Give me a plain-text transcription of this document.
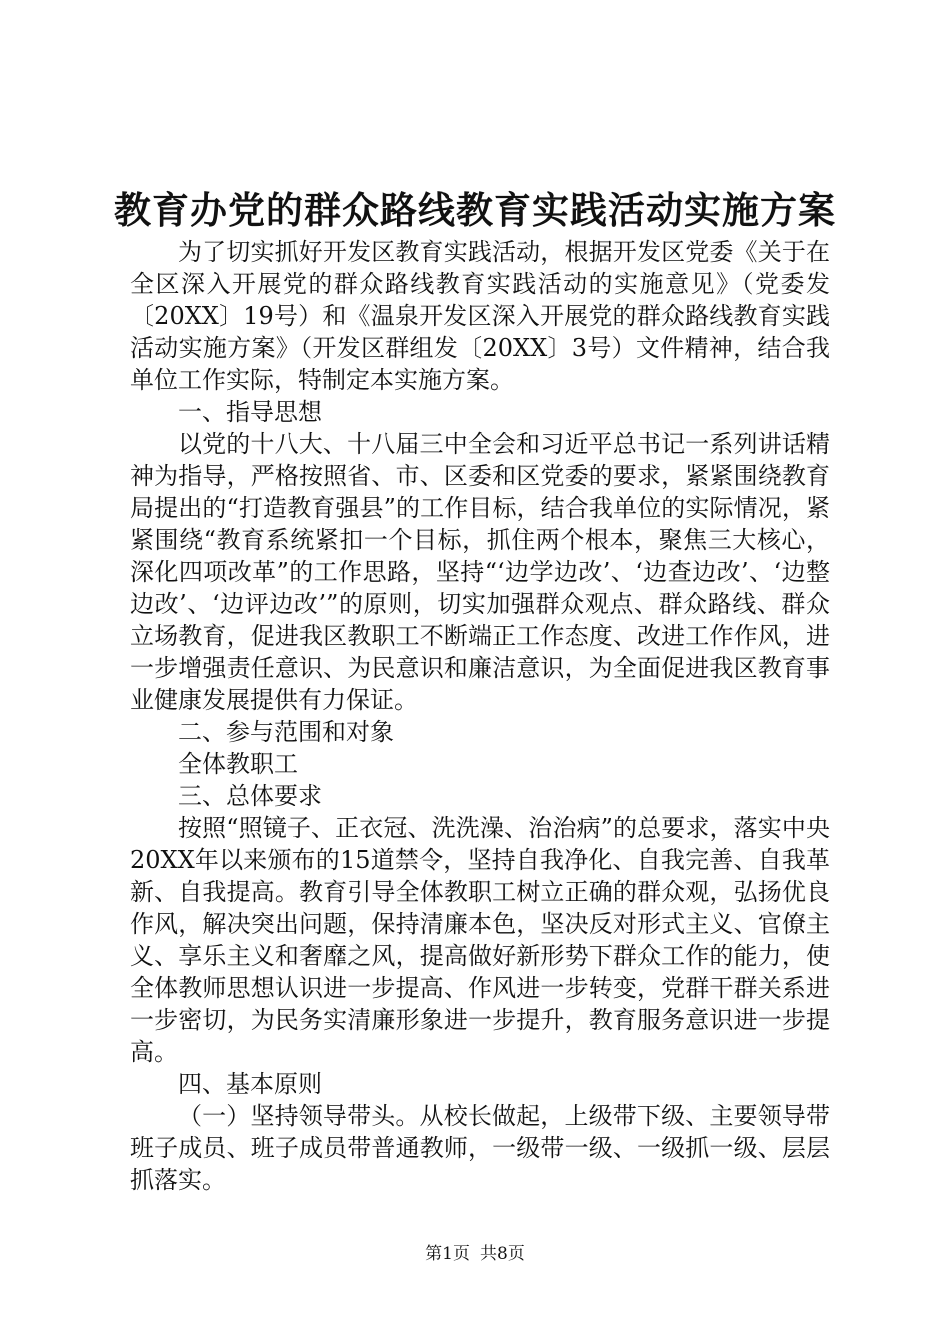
教育办党的群众路线教育实践活动实施方案

为了切实抓好开发区教育实践活动，根据开发区党委《关于在全区深入开展党的群众路线教育实践活动的实施意见》（党委发〔20XX〕19号）和《温泉开发区深入开展党的群众路线教育实践活动实施方案》（开发区群组发〔20XX〕3号）文件精神，结合我单位工作实际，特制定本实施方案。

一、指导思想

以党的十八大、十八届三中全会和习近平总书记一系列讲话精神为指导，严格按照省、市、区委和区党委的要求，紧紧围绕教育局提出的“打造教育强县”的工作目标，结合我单位的实际情况，紧紧围绕“教育系统紧扣一个目标，抓住两个根本，聚焦三大核心，深化四项改革”的工作思路，坚持“‘边学边改’、‘边查边改’、‘边整边改’、‘边评边改’”的原则，切实加强群众观点、群众路线、群众立场教育，促进我区教职工不断端正工作态度、改进工作作风，进一步增强责任意识、为民意识和廉洁意识，为全面促进我区教育事业健康发展提供有力保证。

二、参与范围和对象

全体教职工

三、总体要求

按照“照镜子、正衣冠、洗洗澡、治治病”的总要求，落实中央20XX年以来颁布的15道禁令，坚持自我净化、自我完善、自我革新、自我提高。教育引导全体教职工树立正确的群众观，弘扬优良作风，解决突出问题，保持清廉本色，坚决反对形式主义、官僚主义、享乐主义和奢靡之风，提高做好新形势下群众工作的能力，使全体教师思想认识进一步提高、作风进一步转变，党群干群关系进一步密切，为民务实清廉形象进一步提升，教育服务意识进一步提高。

四、基本原则

（一）坚持领导带头。从校长做起，上级带下级、主要领导带班子成员、班子成员带普通教师，一级带一级、一级抓一级、层层抓落实。

第1页 共8页
